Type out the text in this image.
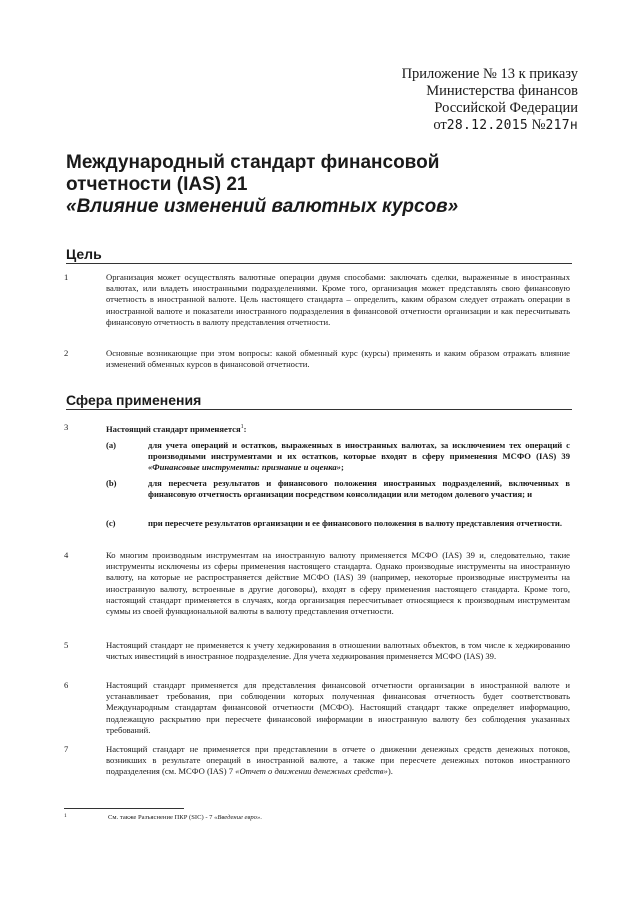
Приложение № 13 к приказу
Министерства финансов
Российской Федерации
от28.12.2015 №217н
Международный стандарт финансовой
отчетности (IAS) 21
«Влияние изменений валютных курсов»
Цель
1	Организация может осуществлять валютные операции двумя способами: заключать сделки, выраженные в иностранных валютах, или владеть иностранными подразделениями. Кроме того, организация может представлять свою финансовую отчетность в иностранной валюте. Цель настоящего стандарта – определить, каким образом следует отражать операции в иностранной валюте и показатели иностранного подразделения в финансовой отчетности организации и как пересчитывать финансовую отчетность в валюту представления отчетности.
2	Основные возникающие при этом вопросы: какой обменный курс (курсы) применять и каким образом отражать влияние изменений обменных курсов в финансовой отчетности.
Сфера применения
3	Настоящий стандарт применяется$^1$:
(a)	для учета операций и остатков, выраженных в иностранных валютах, за исключением тех операций с производными инструментами и их остатков, которые входят в сферу применения МСФО (IAS) 39 «Финансовые инструменты: признание и оценка»;
(b)	для пересчета результатов и финансового положения иностранных подразделений, включенных в финансовую отчетность организации посредством консолидации или методом долевого участия; и
(c)	при пересчете результатов организации и ее финансового положения в валюту представления отчетности.
4	Ко многим производным инструментам на иностранную валюту применяется МСФО (IAS) 39 и, следовательно, такие инструменты исключены из сферы применения настоящего стандарта. Однако производные инструменты на иностранную валюту, на которые не распространяется действие МСФО (IAS) 39 (например, некоторые производные инструменты на иностранную валюту, встроенные в другие договоры), входят в сферу применения настоящего стандарта. Кроме того, настоящий стандарт применяется в случаях, когда организация пересчитывает относящиеся к производным инструментам суммы из своей функциональной валюты в валюту представления отчетности.
5	Настоящий стандарт не применяется к учету хеджирования в отношении валютных объектов, в том числе к хеджированию чистых инвестиций в иностранное подразделение. Для учета хеджирования применяется МСФО (IAS) 39.
6	Настоящий стандарт применяется для представления финансовой отчетности организации в иностранной валюте и устанавливает требования, при соблюдении которых полученная финансовая отчетность будет соответствовать Международным стандартам финансовой отчетности (МСФО). Настоящий стандарт также определяет информацию, подлежащую раскрытию при пересчете финансовой информации в иностранную валюту без соблюдения указанных требований.
7	Настоящий стандарт не применяется при представлении в отчете о движении денежных средств денежных потоков, возникших в результате операций в иностранной валюте, а также при пересчете денежных потоков иностранного подразделения (см. МСФО (IAS) 7 «Отчет о движении денежных средств»).
1	См. также Разъяснение ПКР (SIC) - 7 «Введение евро».
